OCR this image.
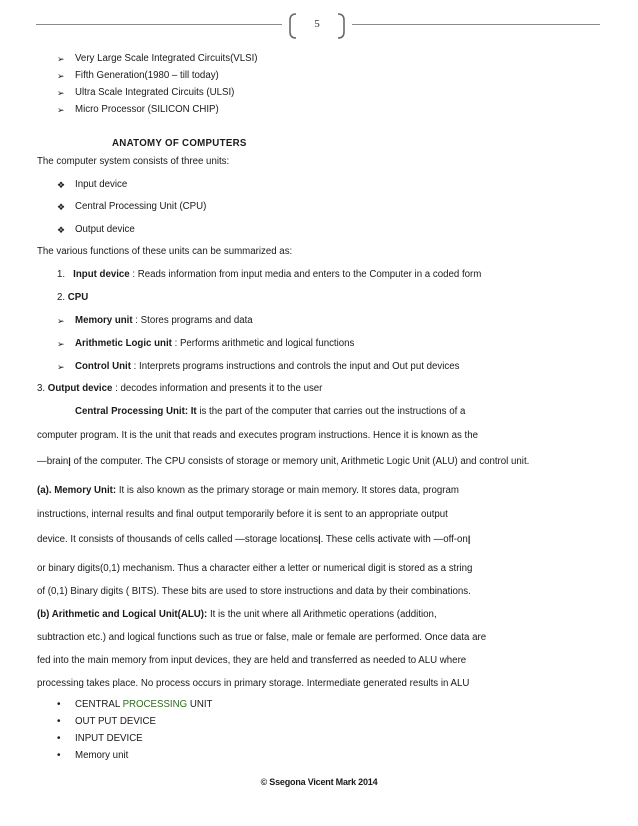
5
➢ Very Large Scale Integrated Circuits(VLSI)
➢ Fifth Generation(1980 – till today)
➢ Ultra Scale Integrated Circuits (ULSI)
➢ Micro Processor (SILICON CHIP)
ANATOMY OF COMPUTERS
The computer system consists of three units:
❖ Input device
❖ Central Processing Unit (CPU)
❖ Output device
The various functions of these units can be summarized as:
1. Input device : Reads information from input media and enters to the Computer in a coded form
2. CPU
➢ Memory unit : Stores programs and data
➢ Arithmetic Logic unit : Performs arithmetic and logical functions
➢ Control Unit : Interprets programs instructions and controls the input and Out put devices
3. Output device : decodes information and presents it to the user
Central Processing Unit: It is the part of the computer that carries out the instructions of a
computer program. It is the unit that reads and executes program instructions. Hence it is known as the
—brain| of the computer. The CPU consists of storage or memory unit, Arithmetic Logic Unit (ALU) and control unit.
(a). Memory Unit: It is also known as the primary storage or main memory. It stores data, program
instructions, internal results and final output temporarily before it is sent to an appropriate output
device. It consists of thousands of cells called —storage locations|. These cells activate with —off-on|
or binary digits(0,1) mechanism. Thus a character either a letter or numerical digit is stored as a string
of (0,1) Binary digits ( BITS). These bits are used to store instructions and data by their combinations.
(b) Arithmetic and Logical Unit(ALU): It is the unit where all Arithmetic operations (addition,
subtraction etc.) and logical functions such as true or false, male or female are performed. Once data are
fed into the main memory from input devices, they are held and transferred as needed to ALU where
processing takes place. No process occurs in primary storage. Intermediate generated results in ALU
• CENTRAL PROCESSING UNIT
• OUT PUT DEVICE
• INPUT DEVICE
• Memory unit
© Ssegona Vicent Mark 2014
